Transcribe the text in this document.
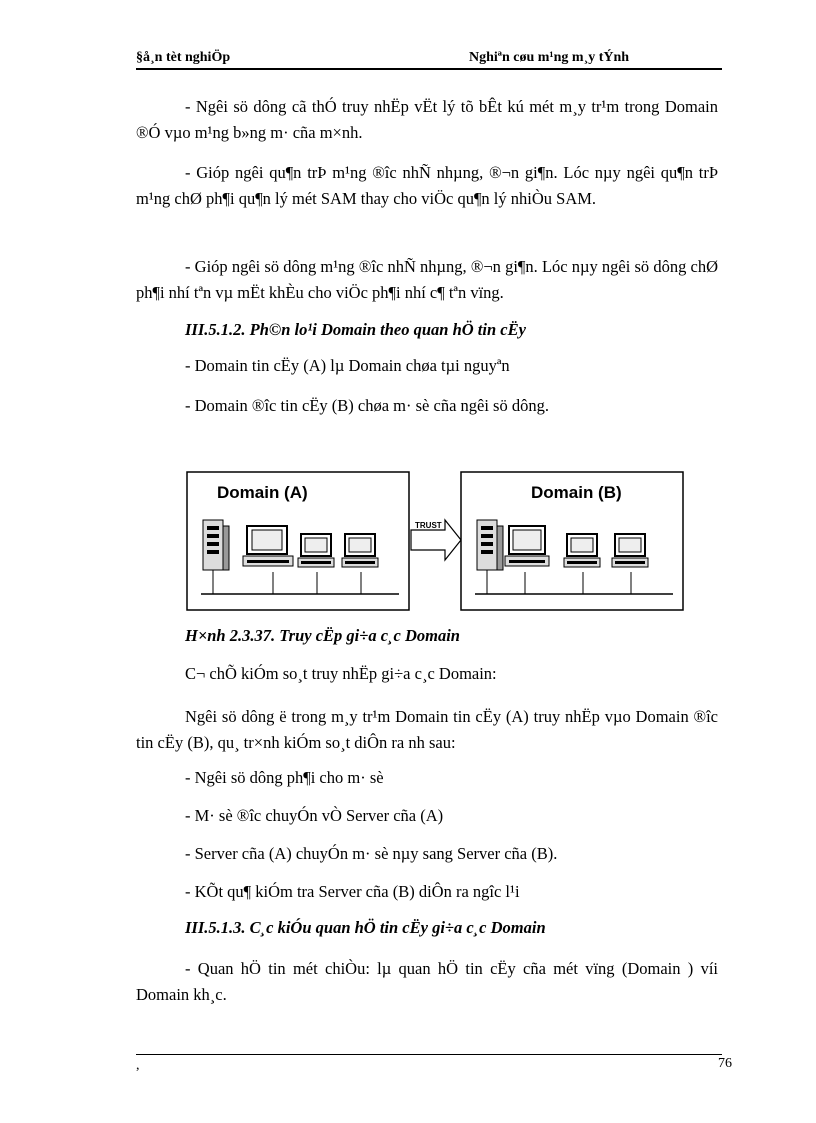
§å¸n tèt nghiÖp	Nghiªn cøu m¹ng m¸y tÝnh

- Ngêi sö dông cã thÓ truy nhËp vËt lý tõ bÊt kú mét m¸y tr¹m trong Domain ®Ó vµo m¹ng b»ng m· cña m×nh.

- Gióp ngêi qu¶n trÞ m¹ng ®îc nhÑ nhµng, ®¬n gi¶n. Lóc nµy ngêi qu¶n trÞ m¹ng chØ ph¶i qu¶n lý mét SAM thay cho viÖc qu¶n lý nhiÒu SAM.

- Gióp ngêi sö dông m¹ng ®îc nhÑ nhµng, ®¬n gi¶n. Lóc nµy ngêi sö dông chØ ph¶i nhí tªn vµ mËt khÈu cho viÖc ph¶i nhí c¶ tªn vïng.

III.5.1.2. Ph©n lo¹i Domain theo quan hÖ tin cËy
- Domain tin cËy (A) lµ Domain chøa tµi nguyªn
- Domain ®îc tin cËy (B) chøa m· sè cña ngêi sö dông.
Domain (A)
TRUST
Domain (B)
H×nh 2.3.37. Truy cËp gi÷a c¸c Domain
C¬ chÕ kiÓm so¸t truy nhËp gi÷a c¸c Domain:

Ngêi sö dông ë trong m¸y tr¹m Domain tin cËy (A) truy nhËp vµo Domain ®îc tin cËy (B), qu¸ tr×nh kiÓm so¸t diÔn ra nh sau:

- Ngêi sö dông ph¶i cho m· sè
- M· sè ®îc chuyÓn vÒ Server cña (A)
- Server cña (A) chuyÓn m· sè nµy sang Server cña (B).
- KÕt qu¶ kiÓm tra Server cña (B) diÔn ra ngîc l¹i
III.5.1.3. C¸c kiÓu quan hÖ tin cËy gi÷a c¸c Domain

- Quan hÖ tin mét chiÒu: lµ quan hÖ tin cËy cña mét vïng (Domain ) víi Domain kh¸c.

,	76
